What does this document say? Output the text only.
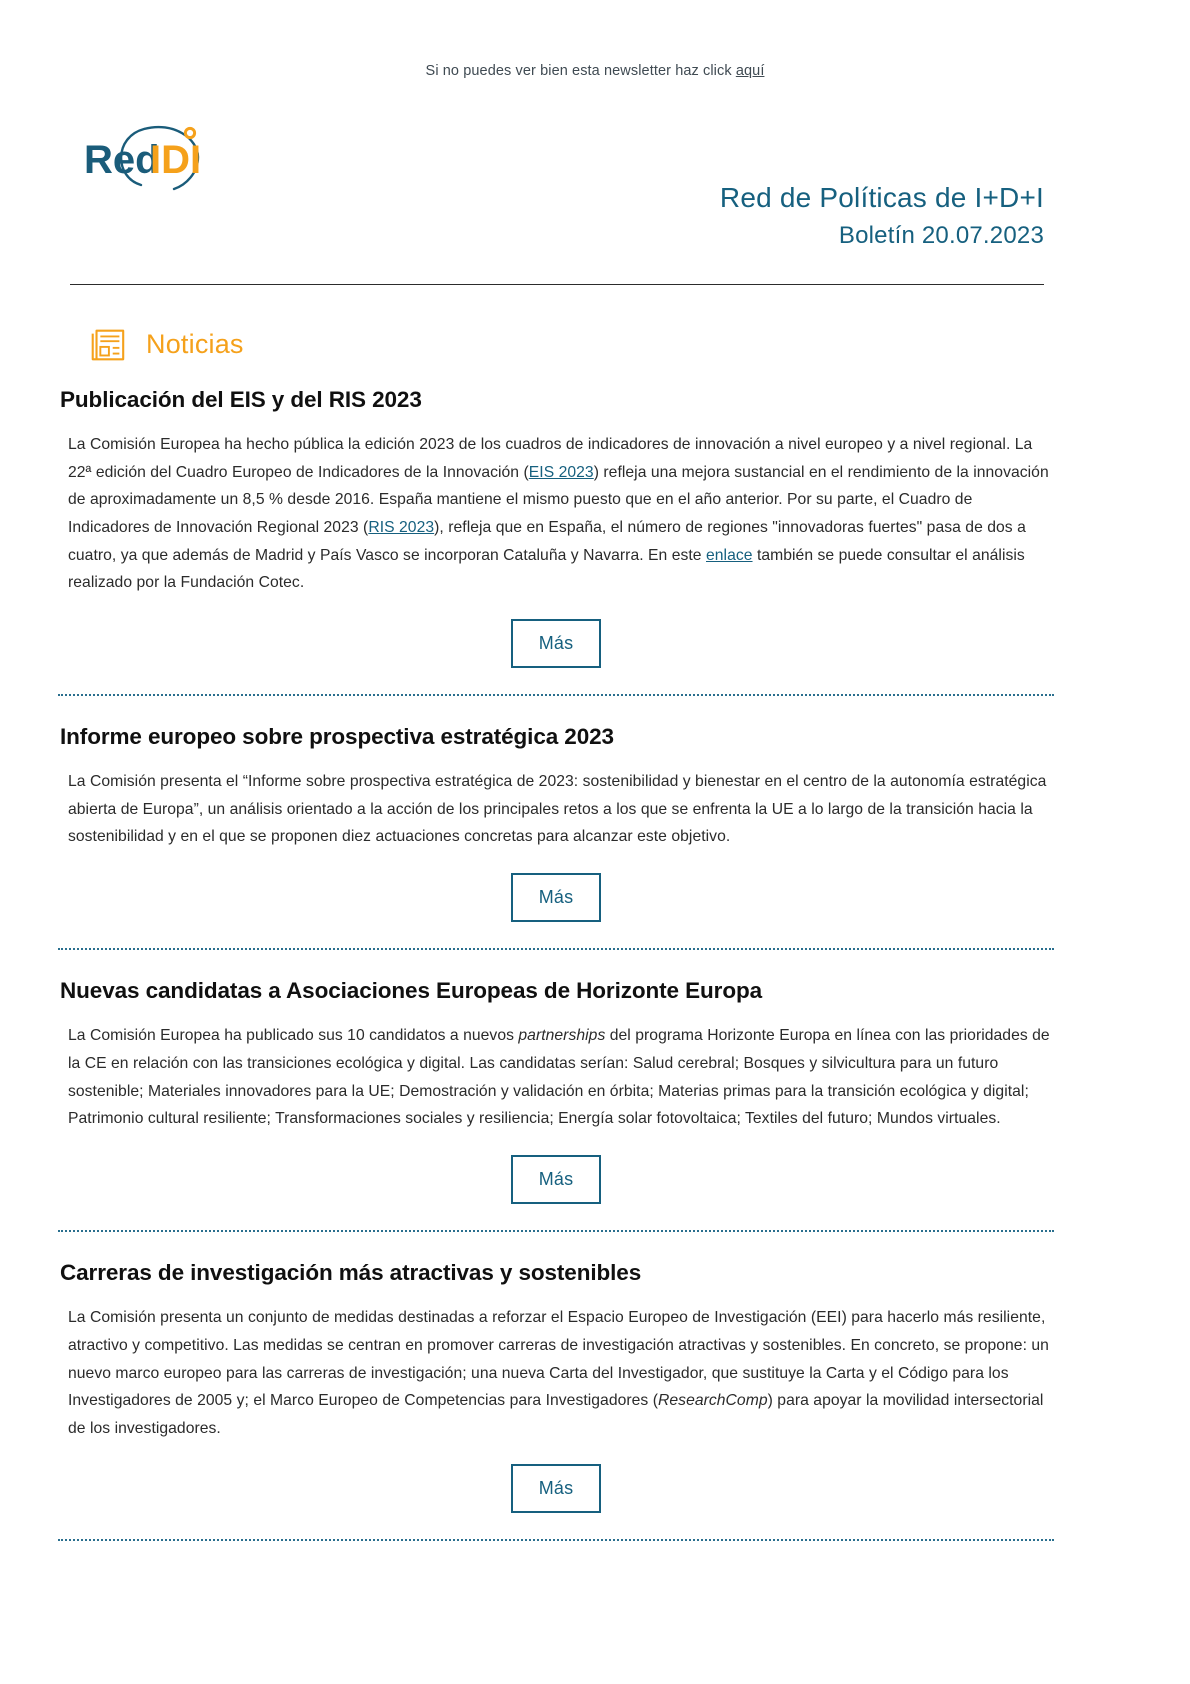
Si no puedes ver bien esta newsletter haz click aquí
Red
IDI
Red de Políticas de I+D+I
Boletín 20.07.2023
Noticias
Publicación del EIS y del RIS 2023

La Comisión Europea ha hecho pública la edición 2023 de los cuadros de indicadores de innovación a nivel europeo y a nivel regional. La 22ª edición del Cuadro Europeo de Indicadores de la Innovación (EIS 2023) refleja una mejora sustancial en el rendimiento de la innovación de aproximadamente un 8,5 % desde 2016. España mantiene el mismo puesto que en el año anterior. Por su parte, el Cuadro de Indicadores de Innovación Regional 2023 (RIS 2023), refleja que en España, el número de regiones "innovadoras fuertes" pasa de dos a cuatro, ya que además de Madrid y País Vasco se incorporan Cataluña y Navarra. En este enlace también se puede consultar el análisis realizado por la Fundación Cotec.

Más
Informe europeo sobre prospectiva estratégica 2023

La Comisión presenta el “Informe sobre prospectiva estratégica de 2023: sostenibilidad y bienestar en el centro de la autonomía estratégica abierta de Europa”, un análisis orientado a la acción de los principales retos a los que se enfrenta la UE a lo largo de la transición hacia la sostenibilidad y en el que se proponen diez actuaciones concretas para alcanzar este objetivo.

Más
Nuevas candidatas a Asociaciones Europeas de Horizonte Europa

La Comisión Europea ha publicado sus 10 candidatos a nuevos partnerships del programa Horizonte Europa en línea con las prioridades de la CE en relación con las transiciones ecológica y digital. Las candidatas serían: Salud cerebral; Bosques y silvicultura para un futuro sostenible; Materiales innovadores para la UE; Demostración y validación en órbita; Materias primas para la transición ecológica y digital; Patrimonio cultural resiliente; Transformaciones sociales y resiliencia; Energía solar fotovoltaica; Textiles del futuro; Mundos virtuales.

Más
Carreras de investigación más atractivas y sostenibles

La Comisión presenta un conjunto de medidas destinadas a reforzar el Espacio Europeo de Investigación (EEI) para hacerlo más resiliente, atractivo y competitivo. Las medidas se centran en promover carreras de investigación atractivas y sostenibles. En concreto, se propone: un nuevo marco europeo para las carreras de investigación; una nueva Carta del Investigador, que sustituye la Carta y el Código para los Investigadores de 2005 y; el Marco Europeo de Competencias para Investigadores (ResearchComp) para apoyar la movilidad intersectorial de los investigadores.

Más
